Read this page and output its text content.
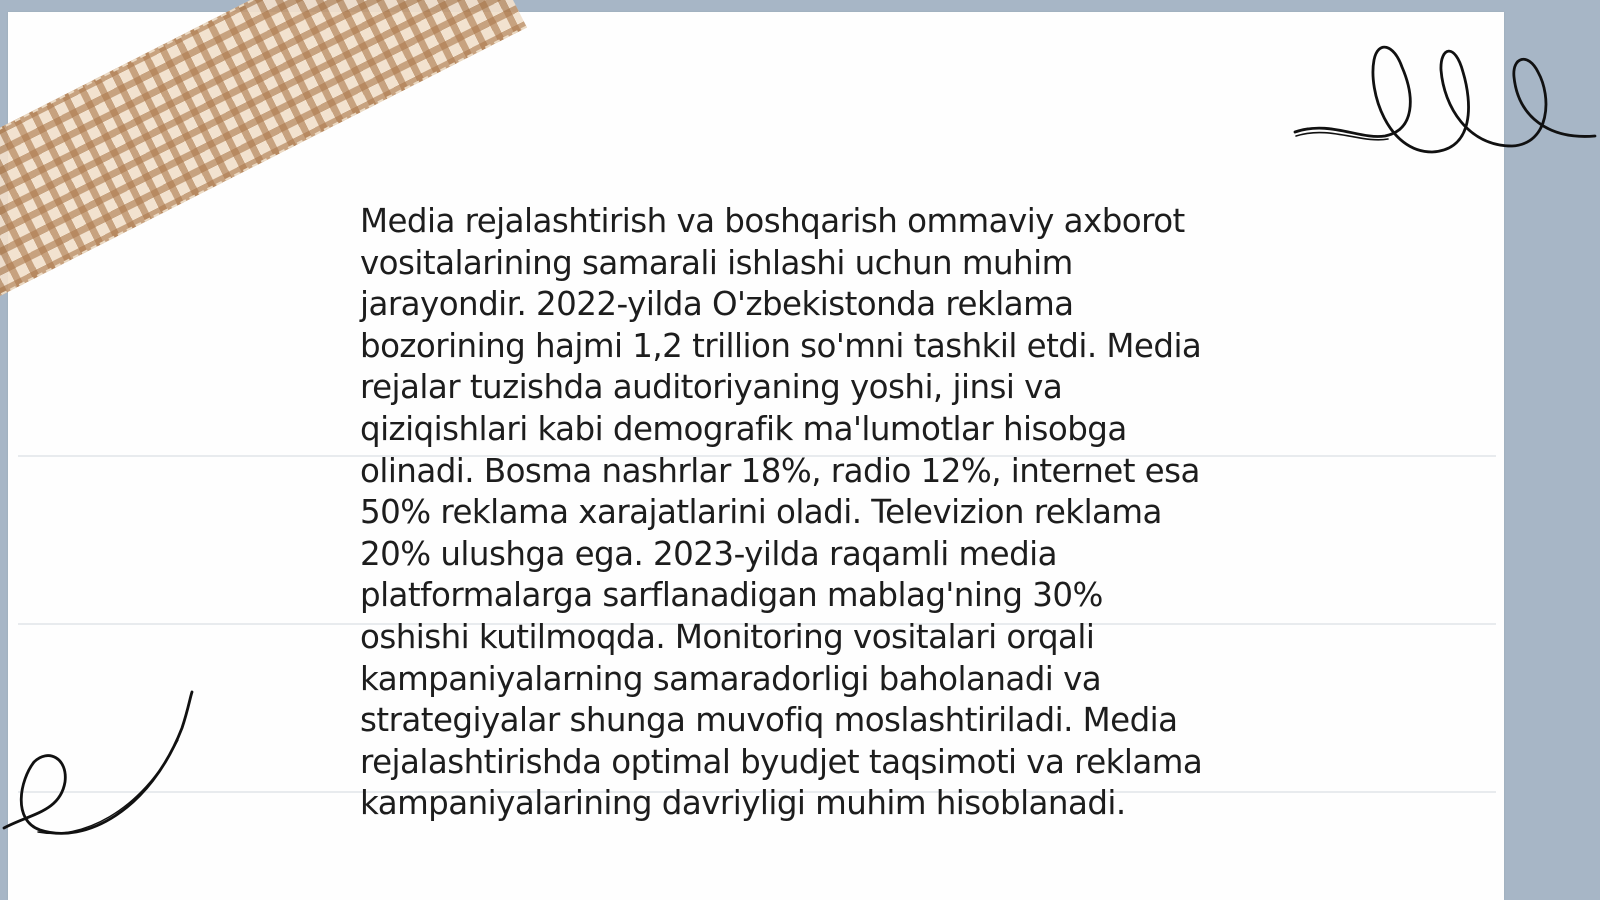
Media rejalashtirish va boshqarish ommaviy axborot
vositalarining samarali ishlashi uchun muhim
jarayondir. 2022-yilda O'zbekistonda reklama
bozorining hajmi 1,2 trillion so'mni tashkil etdi. Media
rejalar tuzishda auditoriyaning yoshi, jinsi va
qiziqishlari kabi demografik ma'lumotlar hisobga
olinadi. Bosma nashrlar 18%, radio 12%, internet esa
50% reklama xarajatlarini oladi. Televizion reklama
20% ulushga ega. 2023-yilda raqamli media
platformalarga sarflanadigan mablag'ning 30%
oshishi kutilmoqda. Monitoring vositalari orqali
kampaniyalarning samaradorligi baholanadi va
strategiyalar shunga muvofiq moslashtiriladi. Media
rejalashtirishda optimal byudjet taqsimoti va reklama
kampaniyalarining davriyligi muhim hisoblanadi.
